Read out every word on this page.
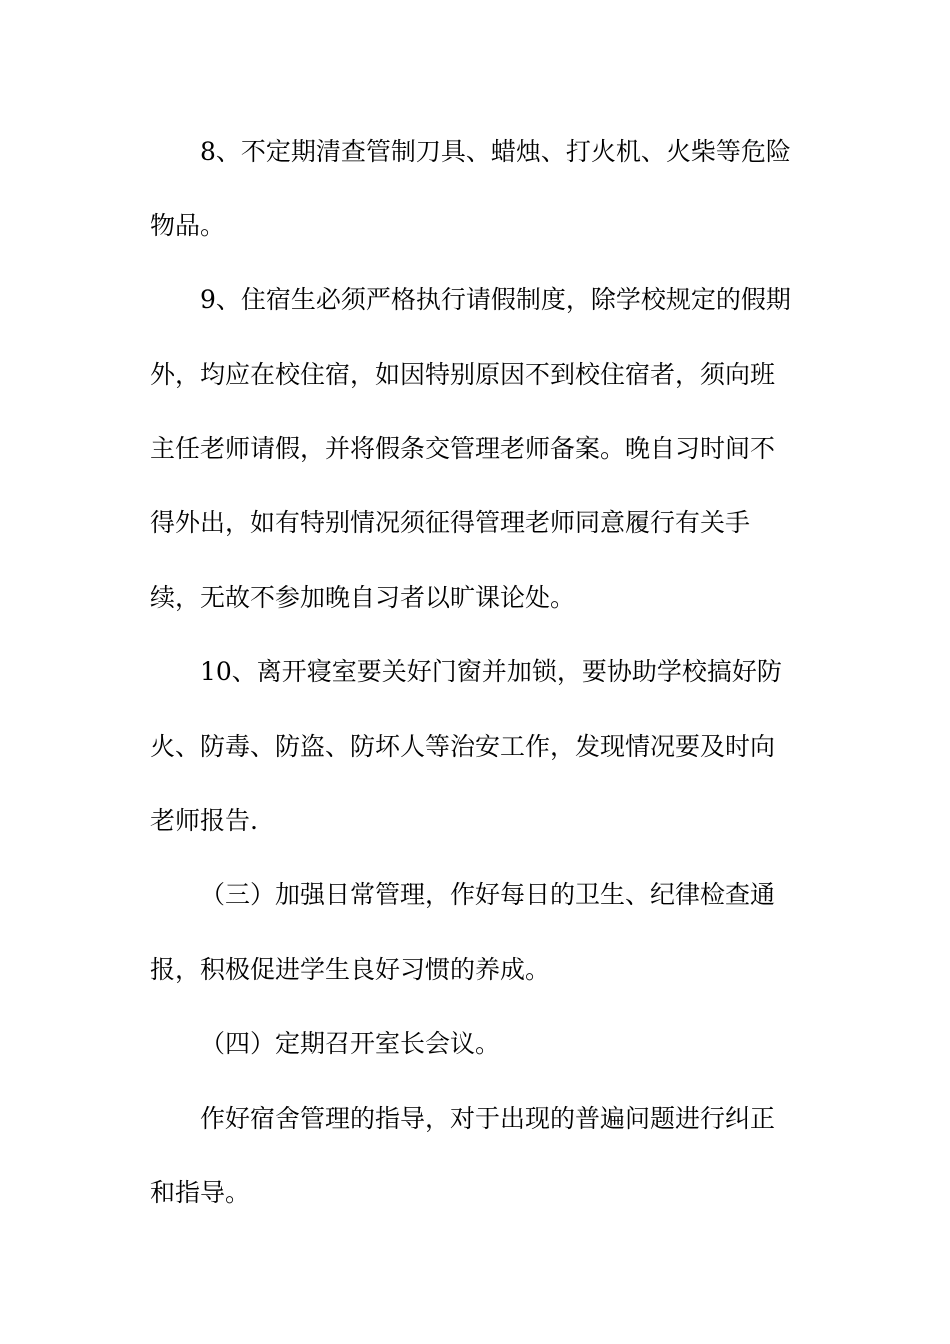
8、不定期清查管制刀具、蜡烛、打火机、火柴等危险
物品。
9、住宿生必须严格执行请假制度，除学校规定的假期
外，均应在校住宿，如因特别原因不到校住宿者，须向班
主任老师请假，并将假条交管理老师备案。晚自习时间不
得外出，如有特别情况须征得管理老师同意履行有关手
续，无故不参加晚自习者以旷课论处。
10、离开寝室要关好门窗并加锁，要协助学校搞好防
火、防毒、防盗、防坏人等治安工作，发现情况要及时向
老师报告.
（三）加强日常管理，作好每日的卫生、纪律检查通
报，积极促进学生良好习惯的养成。
（四）定期召开室长会议。
作好宿舍管理的指导，对于出现的普遍问题进行纠正
和指导。
